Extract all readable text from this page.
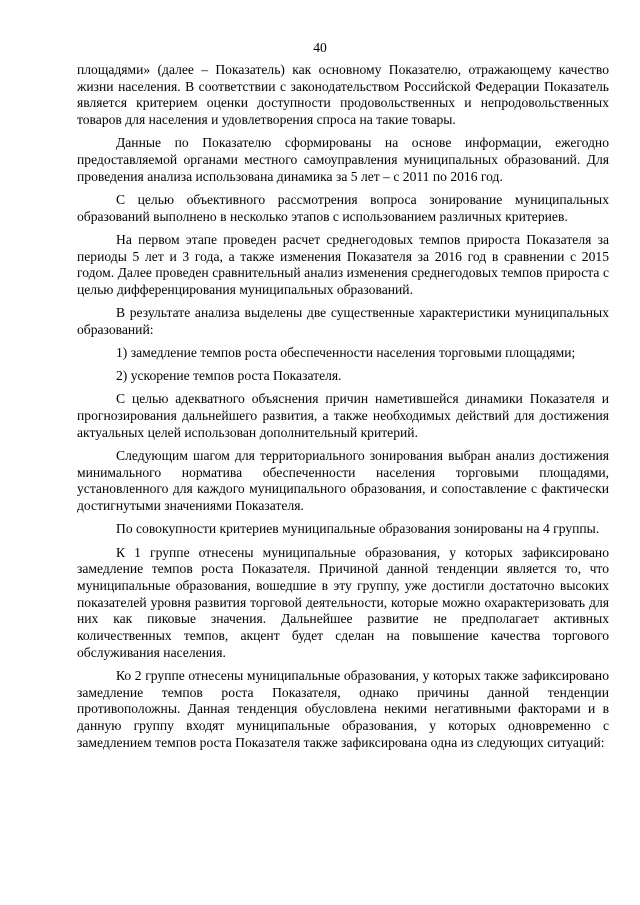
40

площадями» (далее – Показатель) как основному Показателю, отражающему качество жизни населения. В соответствии с законодательством Российской Федерации Показатель является критерием оценки доступности продовольственных и непродовольственных товаров для населения и удовлетворения спроса на такие товары.

Данные по Показателю сформированы на основе информации, ежегодно предоставляемой органами местного самоуправления муниципальных образований. Для проведения анализа использована динамика за 5 лет – с 2011 по 2016 год.

С целью объективного рассмотрения вопроса зонирование муниципальных образований выполнено в несколько этапов с использованием различных критериев.

На первом этапе проведен расчет среднегодовых темпов прироста Показателя за периоды 5 лет и 3 года, а также изменения Показателя за 2016 год в сравнении с 2015 годом. Далее проведен сравнительный анализ изменения среднегодовых темпов прироста с целью дифференцирования муниципальных образований.

В результате анализа выделены две существенные характеристики муниципальных образований:

1) замедление темпов роста обеспеченности населения торговыми площадями;

2) ускорение темпов роста Показателя.

С целью адекватного объяснения причин наметившейся динамики Показателя и прогнозирования дальнейшего развития, а также необходимых действий для достижения актуальных целей использован дополнительный критерий.

Следующим шагом для территориального зонирования выбран анализ достижения минимального норматива обеспеченности населения торговыми площадями, установленного для каждого муниципального образования, и сопоставление с фактически достигнутыми значениями Показателя.

По совокупности критериев муниципальные образования зонированы на 4 группы.

К 1 группе отнесены муниципальные образования, у которых зафиксировано замедление темпов роста Показателя. Причиной данной тенденции является то, что муниципальные образования, вошедшие в эту группу, уже достигли достаточно высоких показателей уровня развития торговой деятельности, которые можно охарактеризовать для них как пиковые значения. Дальнейшее развитие не предполагает активных количественных темпов, акцент будет сделан на повышение качества торгового обслуживания населения.

Ко 2 группе отнесены муниципальные образования, у которых также зафиксировано замедление темпов роста Показателя, однако причины данной тенденции противоположны. Данная тенденция обусловлена некими негативными факторами и в данную группу входят муниципальные образования, у которых одновременно с замедлением темпов роста Показателя также зафиксирована одна из следующих ситуаций:
